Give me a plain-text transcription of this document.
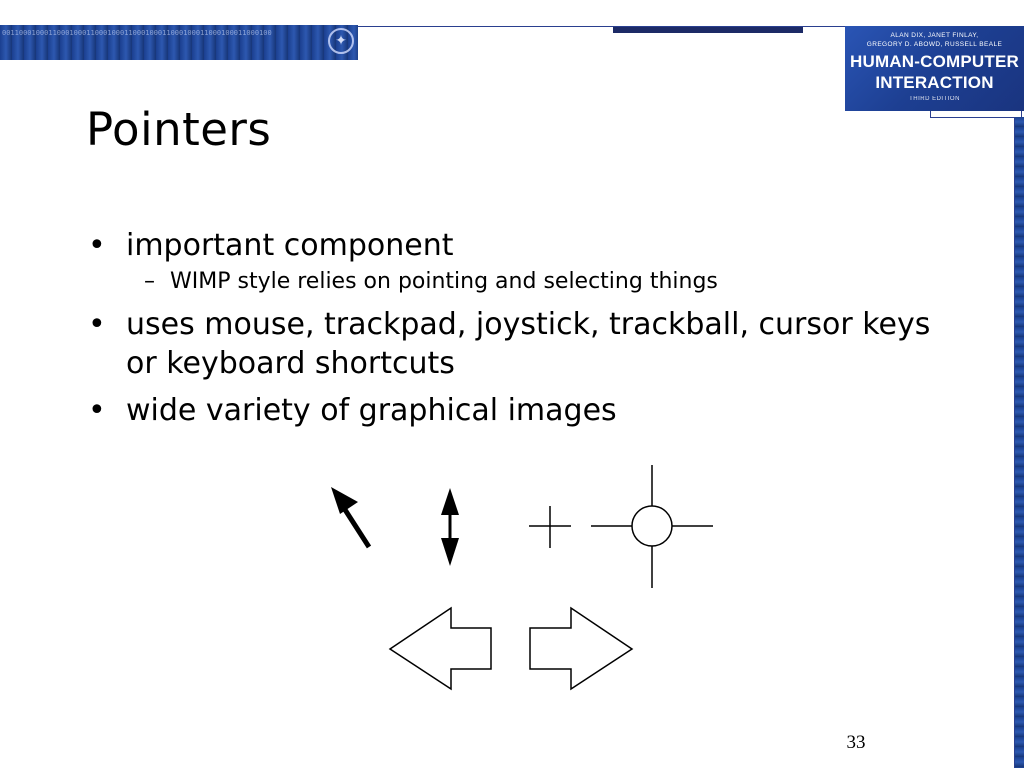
0011000100011000100011000100011000100011000100011000100011000100	✦	ALAN DIX, JANET FINLAY,
GREGORY D. ABOWD, RUSSELL BEALE
HUMAN-COMPUTER
INTERACTION
THIRD EDITION
Pointers
• important component
– WIMP style relies on pointing and selecting things
• uses mouse, trackpad, joystick, trackball, cursor keys or keyboard shortcuts
• wide variety of graphical images
33
